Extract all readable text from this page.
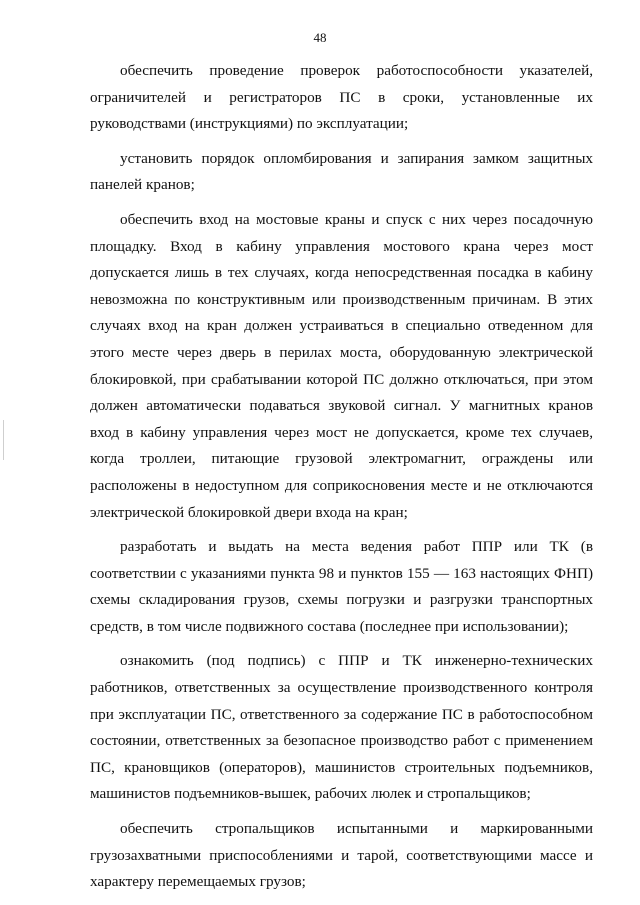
48

обеспечить проведение проверок работоспособности указателей, ограничителей и регистраторов ПС в сроки, установленные их руководствами (инструкциями) по эксплуатации;

установить порядок опломбирования и запирания замком защитных панелей кранов;

обеспечить вход на мостовые краны и спуск с них через посадочную площадку. Вход в кабину управления мостового крана через мост допускается лишь в тех случаях, когда непосредственная посадка в кабину невозможна по конструктивным или производственным причинам. В этих случаях вход на кран должен устраиваться в специально отведенном для этого месте через дверь в перилах моста, оборудованную электрической блокировкой, при срабатывании которой ПС должно отключаться, при этом должен автоматически подаваться звуковой сигнал. У магнитных кранов вход в кабину управления через мост не допускается, кроме тех случаев, когда троллеи, питающие грузовой электромагнит, ограждены или расположены в недоступном для соприкосновения месте и не отключаются электрической блокировкой двери входа на кран;

разработать и выдать на места ведения работ ППР или ТК (в соответствии с указаниями пункта 98 и пунктов 155 — 163 настоящих ФНП) схемы складирования грузов, схемы погрузки и разгрузки транспортных средств, в том числе подвижного состава (последнее при использовании);

ознакомить (под подпись) с ППР и ТК инженерно-технических работников, ответственных за осуществление производственного контроля при эксплуатации ПС, ответственного за содержание ПС в работоспособном состоянии, ответственных за безопасное производство работ с применением ПС, крановщиков (операторов), машинистов строительных подъемников, машинистов подъемников-вышек, рабочих люлек и стропальщиков;

обеспечить стропальщиков испытанными и маркированными грузозахватными приспособлениями и тарой, соответствующими массе и характеру перемещаемых грузов;
